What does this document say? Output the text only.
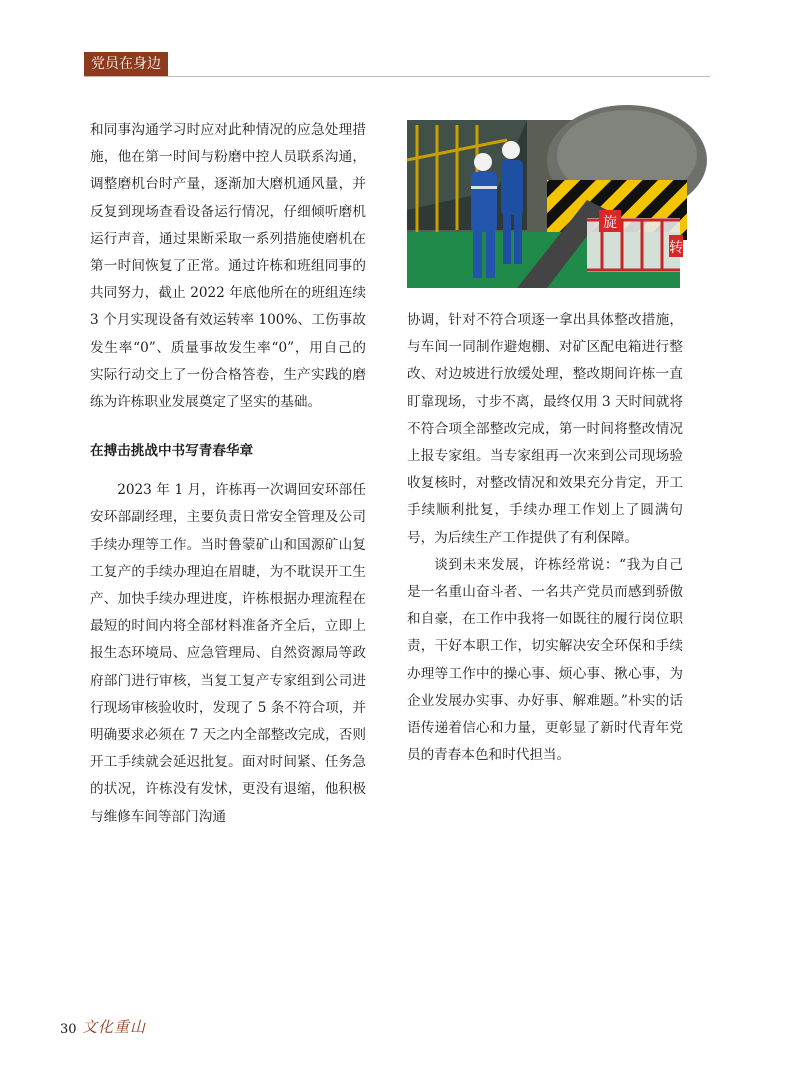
党员在身边

和同事沟通学习时应对此种情况的应急处理措施，他在第一时间与粉磨中控人员联系沟通，调整磨机台时产量，逐渐加大磨机通风量，并反复到现场查看设备运行情况，仔细倾听磨机运行声音，通过果断采取一系列措施使磨机在第一时间恢复了正常。通过许栋和班组同事的共同努力，截止 2022 年底他所在的班组连续 3 个月实现设备有效运转率 100%、工伤事故发生率“0”、质量事故发生率“0”，用自己的实际行动交上了一份合格答卷，生产实践的磨练为许栋职业发展奠定了坚实的基础。

在搏击挑战中书写青春华章

2023 年 1 月，许栋再一次调回安环部任安环部副经理，主要负责日常安全管理及公司手续办理等工作。当时鲁蒙矿山和国源矿山复工复产的手续办理迫在眉睫，为不耽误开工生产、加快手续办理进度，许栋根据办理流程在最短的时间内将全部材料准备齐全后，立即上报生态环境局、应急管理局、自然资源局等政府部门进行审核，当复工复产专家组到公司进行现场审核验收时，发现了 5 条不符合项，并明确要求必须在 7 天之内全部整改完成，否则开工手续就会延迟批复。面对时间紧、任务急的状况，许栋没有发怵，更没有退缩，他积极与维修车间等部门沟通

旋
转

协调，针对不符合项逐一拿出具体整改措施，与车间一同制作避炮棚、对矿区配电箱进行整改、对边坡进行放缓处理，整改期间许栋一直盯靠现场，寸步不离，最终仅用 3 天时间就将不符合项全部整改完成，第一时间将整改情况上报专家组。当专家组再一次来到公司现场验收复核时，对整改情况和效果充分肯定，开工手续顺利批复，手续办理工作划上了圆满句号，为后续生产工作提供了有利保障。

谈到未来发展，许栋经常说：“我为自己是一名重山奋斗者、一名共产党员而感到骄傲和自豪，在工作中我将一如既往的履行岗位职责，干好本职工作，切实解决安全环保和手续办理等工作中的操心事、烦心事、揪心事，为企业发展办实事、办好事、解难题。”朴实的话语传递着信心和力量，更彰显了新时代青年党员的青春本色和时代担当。

30 文化重山
